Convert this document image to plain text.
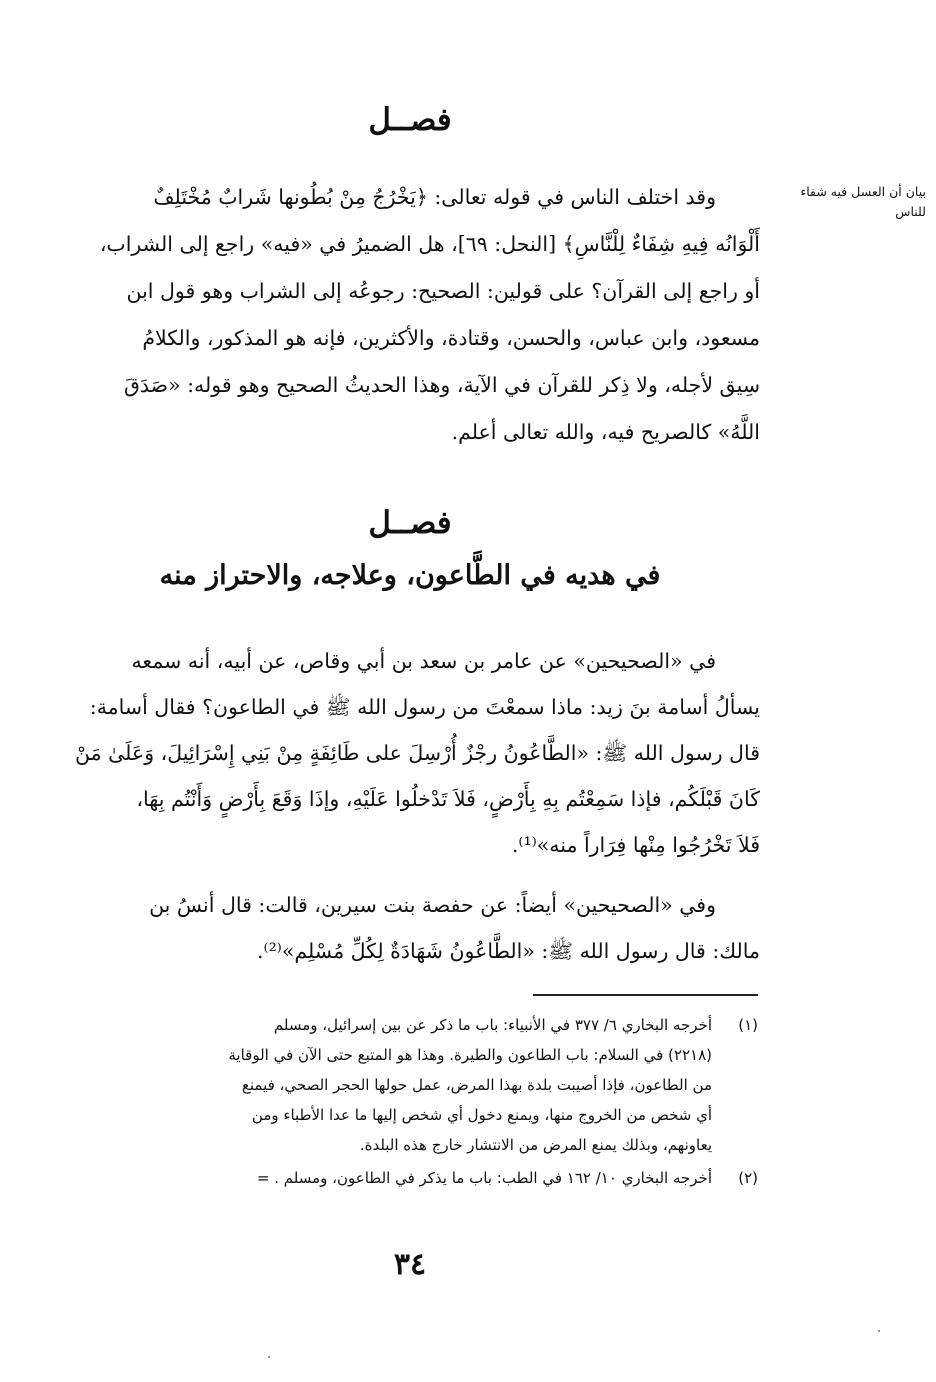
فصــل
بيان أن العسل فيه شفاء
للناس
وقد اختلف الناس في قوله تعالى: ﴿يَخْرُجُ مِنْ بُطُونها شَرابٌ مُخْتَلِفٌ
أَلْوَانُه فِيهِ شِفَاءٌ لِلْنَّاسِ﴾ [النحل: ٦٩]، هل الضميرُ في «فيه» راجع إلى الشراب،
أو راجع إلى القرآن؟ على قولين: الصحيح: رجوعُه إلى الشراب وهو قول ابن
مسعود، وابن عباس، والحسن، وقتادة، والأكثرين، فإنه هو المذكور، والكلامُ
سِيق لأجله، ولا ذِكر للقرآن في الآية، وهذا الحديثُ الصحيح وهو قوله: «صَدَقَ
اللَّهُ» كالصريح فيه، والله تعالى أعلم.
فصــل
في هديه في الطَّاعون، وعلاجه، والاحتراز منه
في «الصحيحين» عن عامر بن سعد بن أبي وقاص، عن أبيه، أنه سمعه
يسألُ أسامة بنَ زيد: ماذا سمعْتَ من رسول الله ﷺ في الطاعون؟ فقال أسامة:
قال رسول الله ﷺ: «الطَّاعُونُ رجْزٌ أُرْسِلَ على طَائِفَةٍ مِنْ بَنِي إِسْرَائِيلَ، وَعَلَىٰ مَنْ
كَانَ قَبْلَكُم، فإذا سَمِعْتُم بِهِ بِأَرْضٍ، فَلاَ تَدْخلُوا عَلَيْهِ، وإذَا وَقَعَ بِأَرْضٍ وَأَنْتُم بِهَا،
فَلاَ تَخْرُجُوا مِنْها فِرَاراً منه»⁽¹⁾.
وفي «الصحيحين» أيضاً: عن حفصة بنت سيرين، قالت: قال أنسُ بن
مالك: قال رسول الله ﷺ: «الطَّاعُونُ شَهَادَةٌ لِكُلِّ مُسْلِم»⁽²⁾.
(١)
أخرجه البخاري ٦/ ٣٧٧ في الأنبياء: باب ما ذكر عن بين إسرائيل، ومسلم
(٢٢١٨) في السلام: باب الطاعون والطيرة. وهذا هو المتبع حتى الآن في الوقاية
من الطاعون، فإذا أصيبت بلدة بهذا المرض، عمل حولها الحجر الصحي، فيمنع
أي شخص من الخروج منها، ويمنع دخول أي شخص إليها ما عدا الأطباء ومن
يعاونهم، وبذلك يمنع المرض من الانتشار خارج هذه البلدة.
(٢)
أخرجه البخاري ١٠/ ١٦٢ في الطب: باب ما يذكر في الطاعون، ومسلم . =
٣٤
